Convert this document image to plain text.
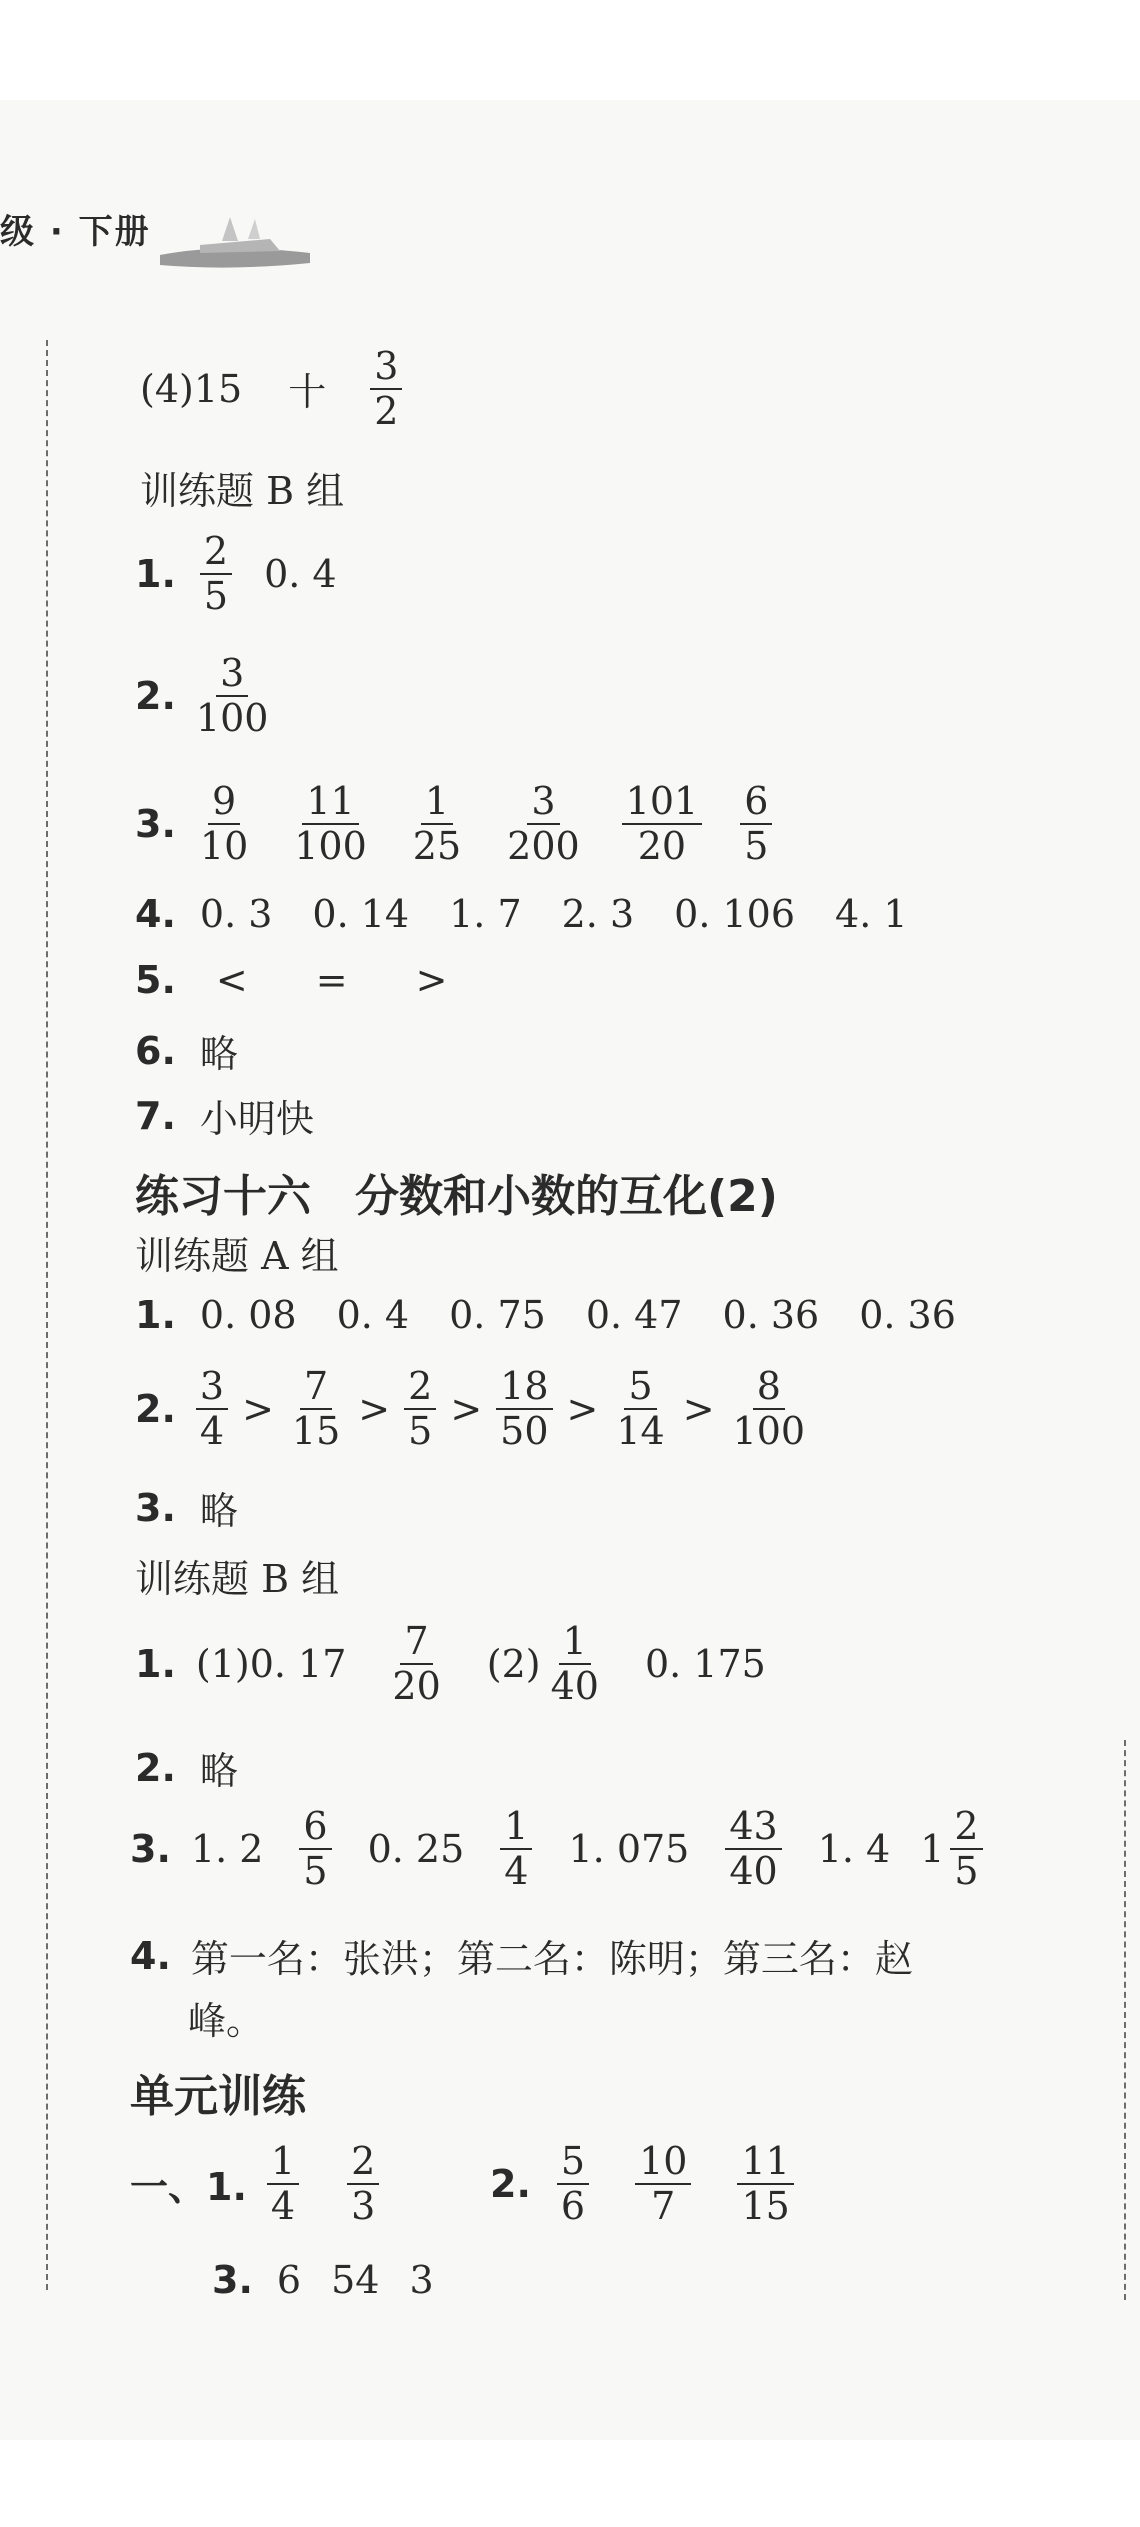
级 · 下册
(4)15 十 $\frac{3}{2}$
训练题 B 组
1. $\frac{2}{5} 0$. 4
2. $\frac{3}{100}$
3. $\frac{9}{10} \frac{11}{100} \frac{1}{25} \frac{3}{200} \frac{101}{20} \frac{6}{5}$
4. 0. 3 0. 14 1. 7 2. 3 0. 106 4. 1
5. < = >
6. 略
7. 小明快
练习十六　分数和小数的互化(2)
训练题 A 组
1. 0. 08 0. 4 0. 75 0. 47 0. 36 0. 36
2. $\frac{3}{4} > \frac{7}{15} > \frac{2}{5} > \frac{18}{50} > \frac{5}{14} > \frac{8}{100}$
3. 略
训练题 B 组
1. (1)0. $17 \frac{7}{20} (2) \frac{1}{40} 0$. 175
2. 略
3. 1. $2 \frac{6}{5} 0$. $25 \frac{1}{4} 1$. $075 \frac{43}{40} 1$. 4 $1 \frac{2}{5}$
4. 第一名：张洪；第二名：陈明；第三名：赵
峰。
单元训练
一、1. $\frac{1}{4} \frac{2}{3}$	2. $\frac{5}{6} \frac{10}{7} \frac{11}{15}$
3. 6 54 3
